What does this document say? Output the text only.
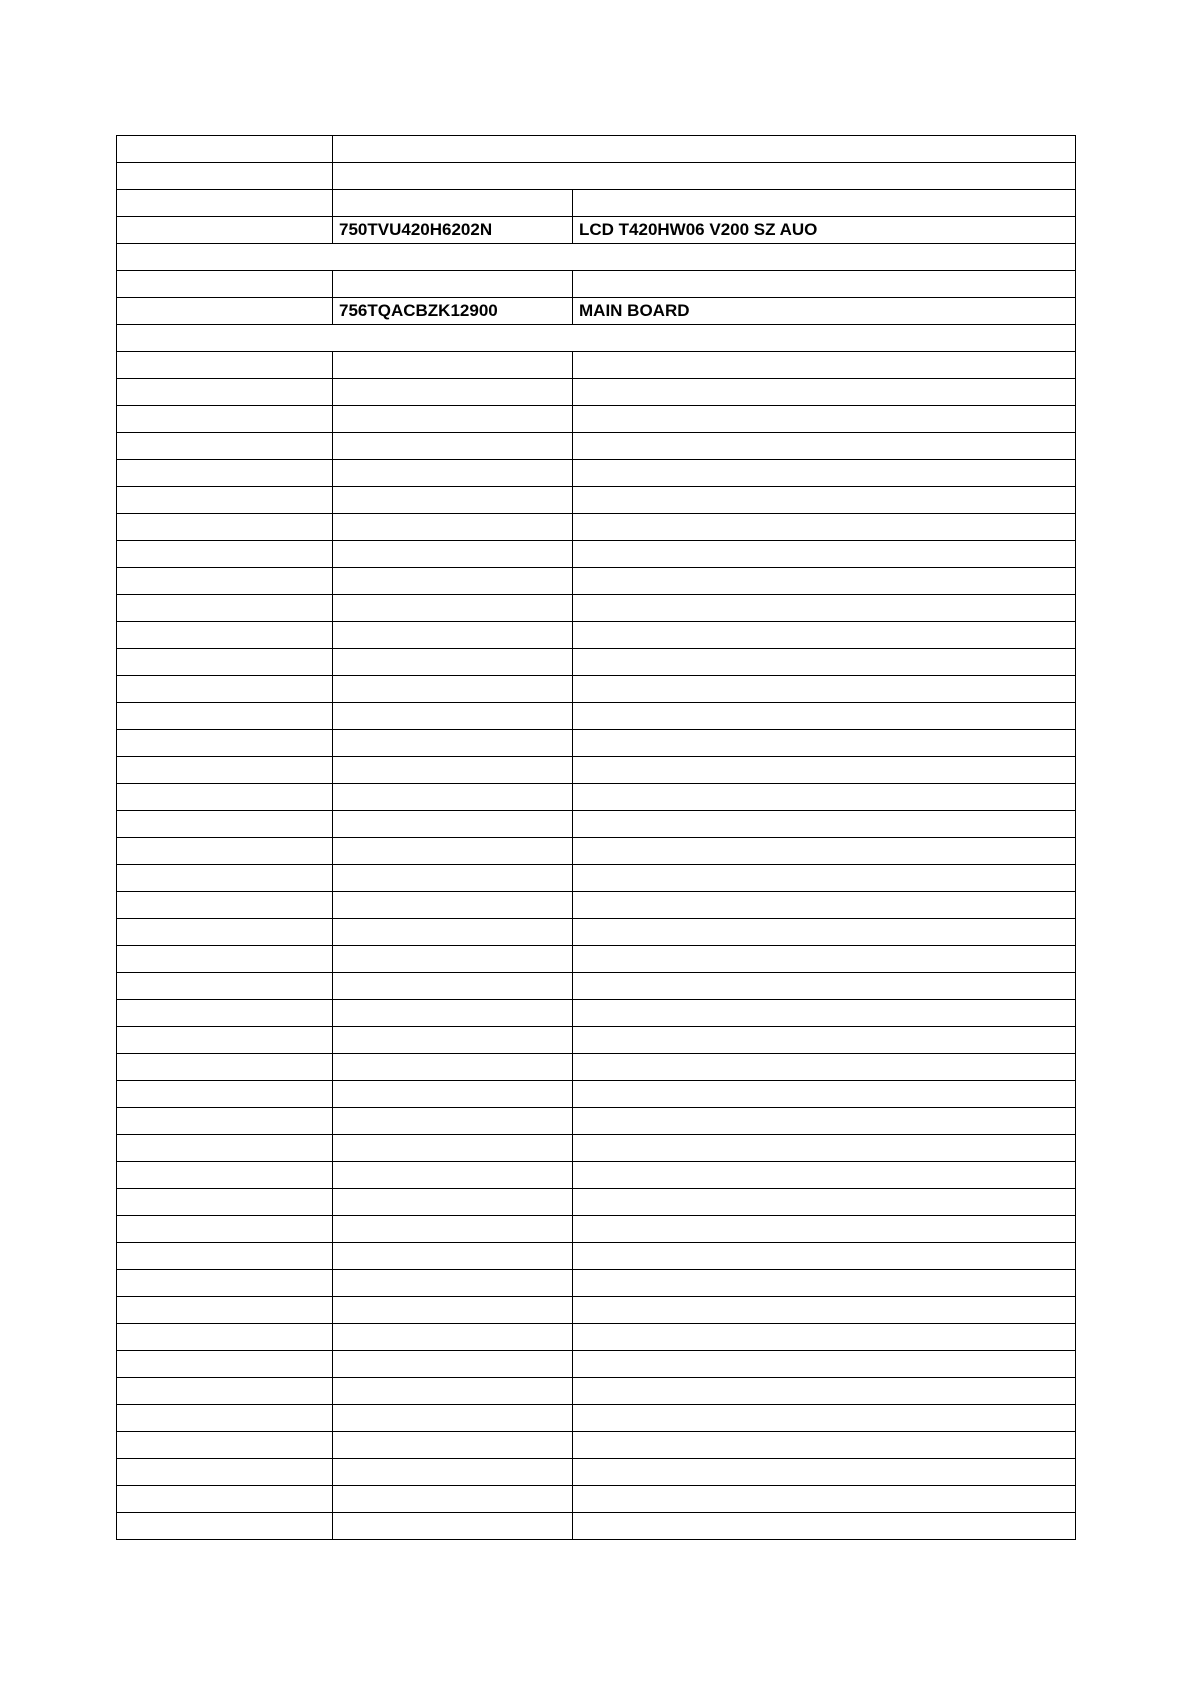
	750TVU420H6202N	LCD T420HW06 V200 SZ AUO

	756TQACBZK12900	MAIN BOARD
